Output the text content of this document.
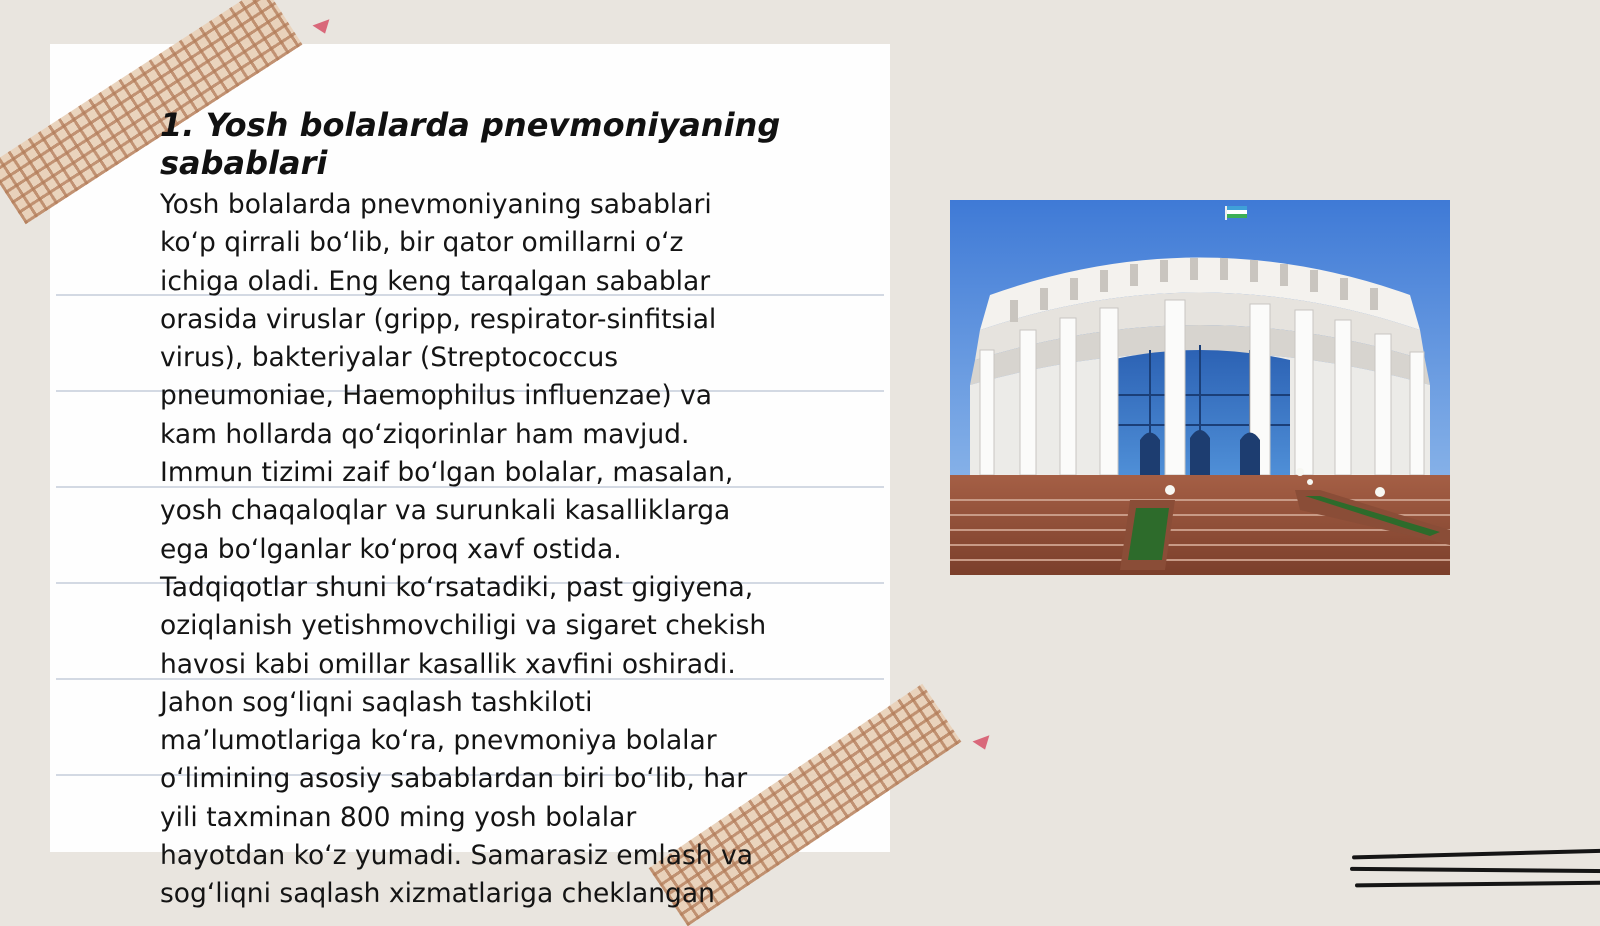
1. Yosh bolalarda pnevmoniyaning
sabablari
Yosh bolalarda pnevmoniyaning sabablari
ko‘p qirrali bo‘lib, bir qator omillarni o‘z
ichiga oladi. Eng keng tarqalgan sabablar
orasida viruslar (gripp, respirator-sinfitsial
virus), bakteriyalar (Streptococcus
pneumoniae, Haemophilus influenzae) va
kam hollarda qo‘ziqorinlar ham mavjud.
Immun tizimi zaif bo‘lgan bolalar, masalan,
yosh chaqaloqlar va surunkali kasalliklarga
ega bo‘lganlar ko‘proq xavf ostida.
Tadqiqotlar shuni ko‘rsatadiki, past gigiyena,
oziqlanish yetishmovchiligi va sigaret chekish
havosi kabi omillar kasallik xavfini oshiradi.
Jahon sog‘liqni saqlash tashkiloti
ma’lumotlariga ko‘ra, pnevmoniya bolalar
o‘limining asosiy sabablardan biri bo‘lib, har
yili taxminan 800 ming yosh bolalar
hayotdan ko‘z yumadi. Samarasiz emlash va
sog‘liqni saqlash xizmatlariga cheklangan
